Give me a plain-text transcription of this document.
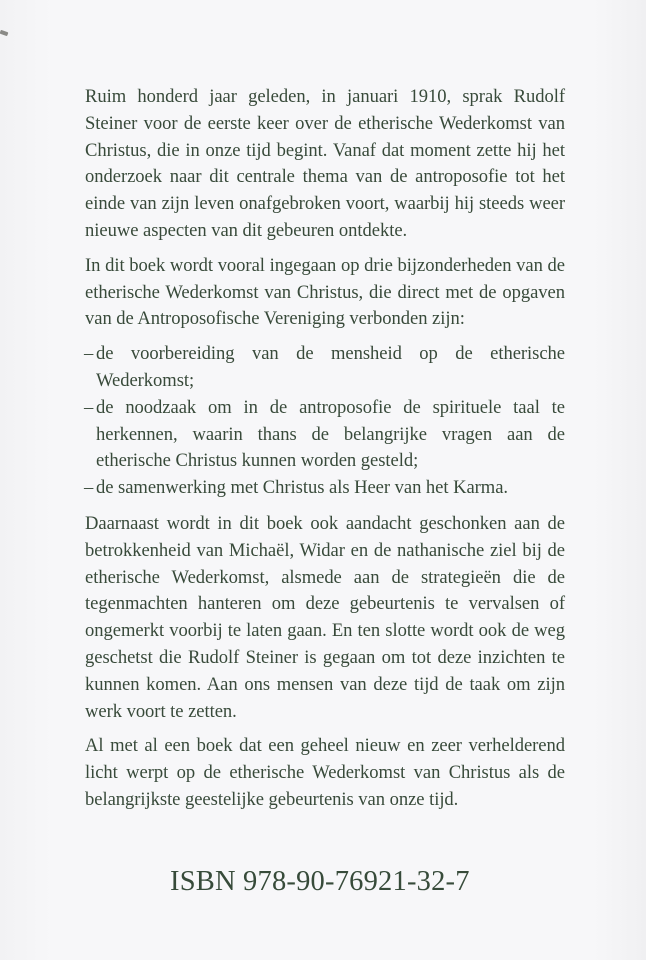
Ruim honderd jaar geleden, in januari 1910, sprak Rudolf Steiner voor de eerste keer over de etherische Wederkomst van Christus, die in onze tijd begint. Vanaf dat moment zette hij het onderzoek naar dit centrale thema van de antroposofie tot het einde van zijn leven onafgebroken voort, waarbij hij steeds weer nieuwe aspecten van dit gebeuren ontdekte.

In dit boek wordt vooral ingegaan op drie bijzonderheden van de etherische Wederkomst van Christus, die direct met de opgaven van de Antroposofische Vereniging verbonden zijn:

– de voorbereiding van de mensheid op de etherische Wederkomst;
– de noodzaak om in de antroposofie de spirituele taal te herkennen, waarin thans de belangrijke vragen aan de etherische Christus kunnen worden gesteld;
– de samenwerking met Christus als Heer van het Karma.

Daarnaast wordt in dit boek ook aandacht geschonken aan de betrokkenheid van Michaël, Widar en de nathanische ziel bij de etherische Wederkomst, alsmede aan de strategieën die de tegenmachten hanteren om deze gebeurtenis te vervalsen of ongemerkt voorbij te laten gaan. En ten slotte wordt ook de weg geschetst die Rudolf Steiner is gegaan om tot deze inzichten te kunnen komen. Aan ons mensen van deze tijd de taak om zijn werk voort te zetten.

Al met al een boek dat een geheel nieuw en zeer verhelderend licht werpt op de etherische Wederkomst van Christus als de belangrijkste geestelijke gebeurtenis van onze tijd.

ISBN 978-90-76921-32-7
